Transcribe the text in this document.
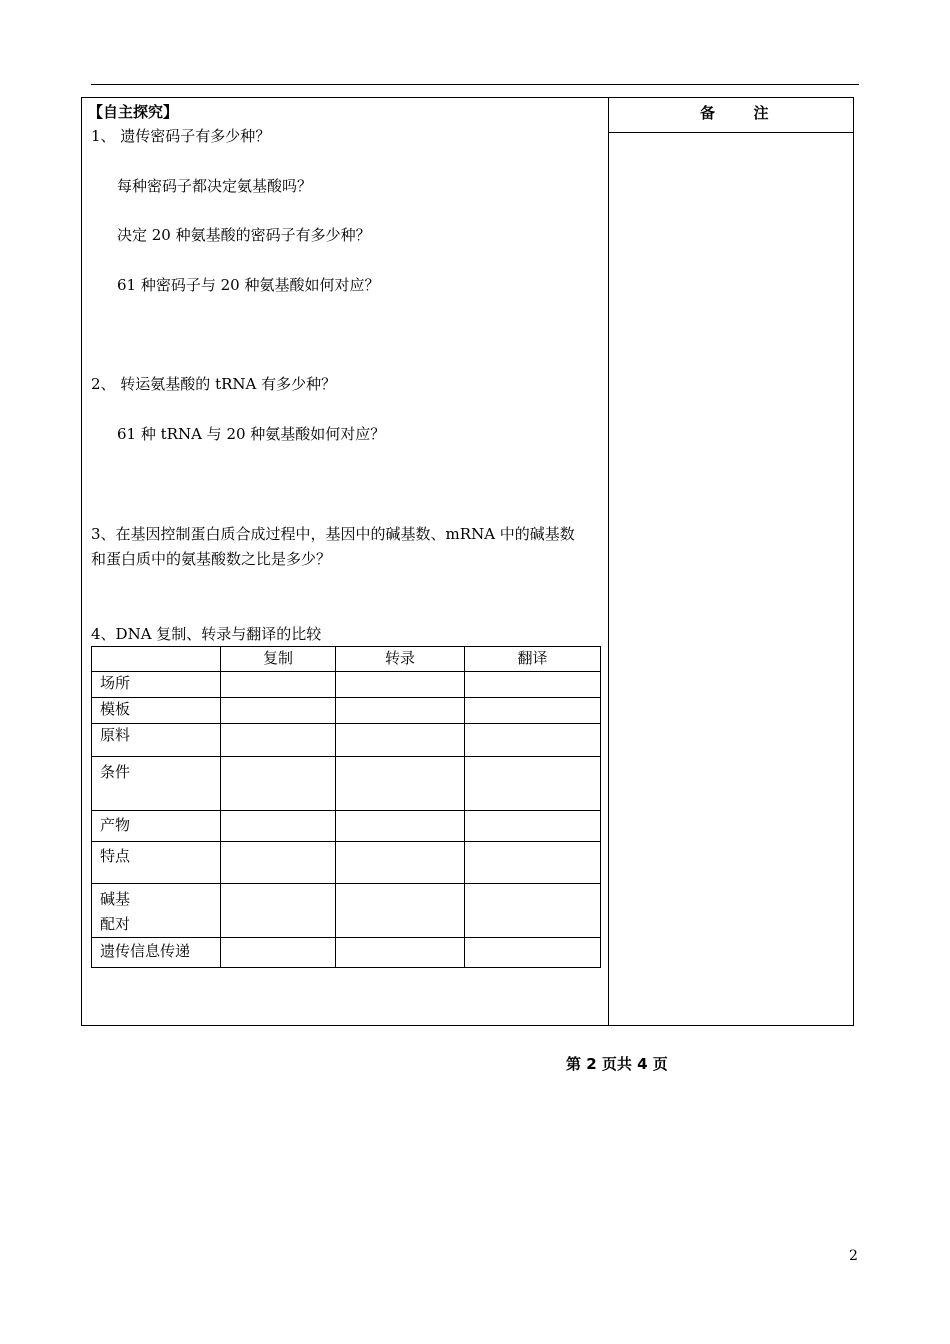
备	注
【自主探究】
1、 遗传密码子有多少种？
每种密码子都决定氨基酸吗？
决定 20 种氨基酸的密码子有多少种？
61 种密码子与 20 种氨基酸如何对应？
2、 转运氨基酸的 tRNA 有多少种？
61 种 tRNA 与 20 种氨基酸如何对应？
3、在基因控制蛋白质合成过程中，基因中的碱基数、mRNA 中的碱基数
和蛋白质中的氨基酸数之比是多少？
4、DNA 复制、转录与翻译的比较
	复制	转录	翻译
场所			
模板			
原料			
条件			
产物			
特点			

碱基
配对			

遗传信息传递			
第 2 页共 4 页
2
